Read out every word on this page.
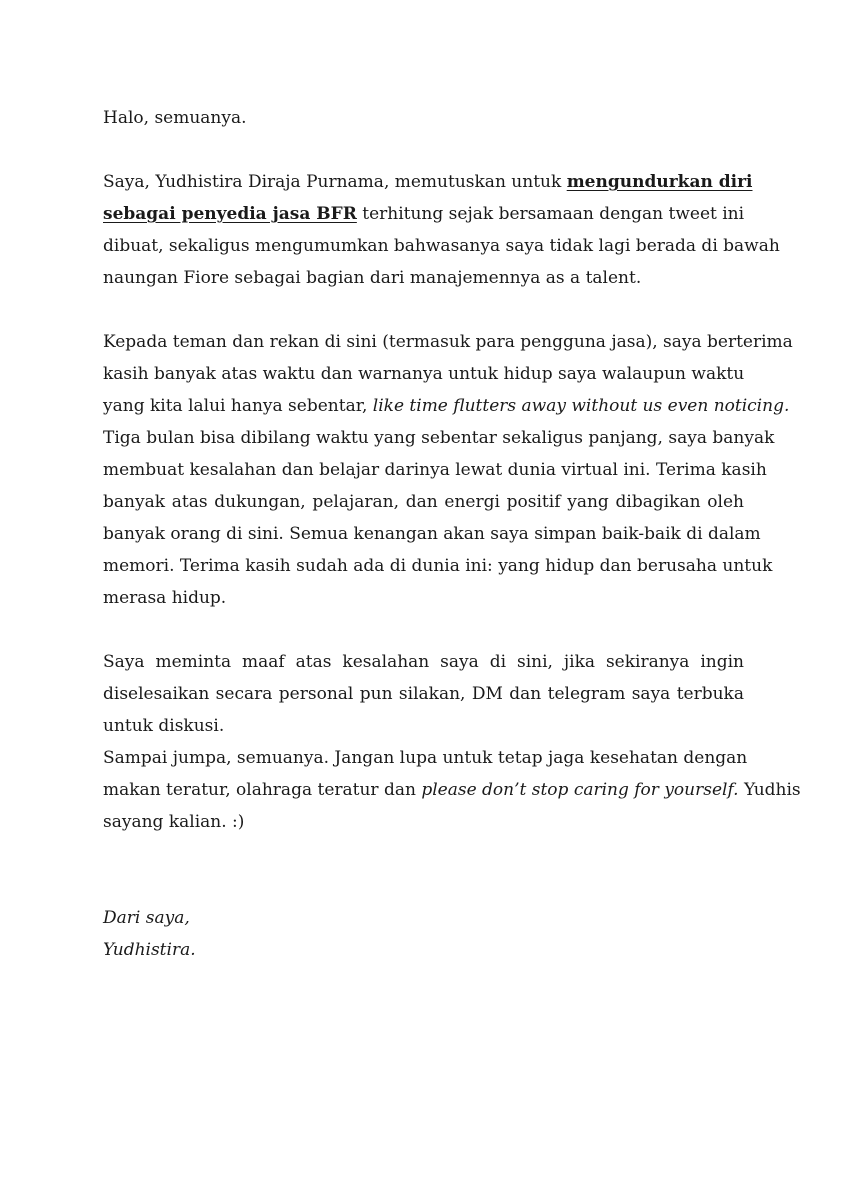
Halo, semuanya.

Saya, Yudhistira Diraja Purnama, memutuskan untuk mengundurkan diri
sebagai penyedia jasa BFR terhitung sejak bersamaan dengan tweet ini
dibuat, sekaligus mengumumkan bahwasanya saya tidak lagi berada di bawah
naungan Fiore sebagai bagian dari manajemennya as a talent.

Kepada teman dan rekan di sini (termasuk para pengguna jasa), saya berterima
kasih banyak atas waktu dan warnanya untuk hidup saya walaupun waktu
yang kita lalui hanya sebentar, like time flutters away without us even noticing.

Tiga bulan bisa dibilang waktu yang sebentar sekaligus panjang, saya banyak
membuat kesalahan dan belajar darinya lewat dunia virtual ini. Terima kasih
banyak atas dukungan, pelajaran, dan energi positif yang dibagikan oleh
banyak orang di sini. Semua kenangan akan saya simpan baik-baik di dalam
memori. Terima kasih sudah ada di dunia ini: yang hidup dan berusaha untuk
merasa hidup.

Saya meminta maaf atas kesalahan saya di sini, jika sekiranya ingin
diselesaikan secara personal pun silakan, DM dan telegram saya terbuka
untuk diskusi.

Sampai jumpa, semuanya. Jangan lupa untuk tetap jaga kesehatan dengan
makan teratur, olahraga teratur dan please don’t stop caring for yourself. Yudhis
sayang kalian. :)

Dari saya,
Yudhistira.
